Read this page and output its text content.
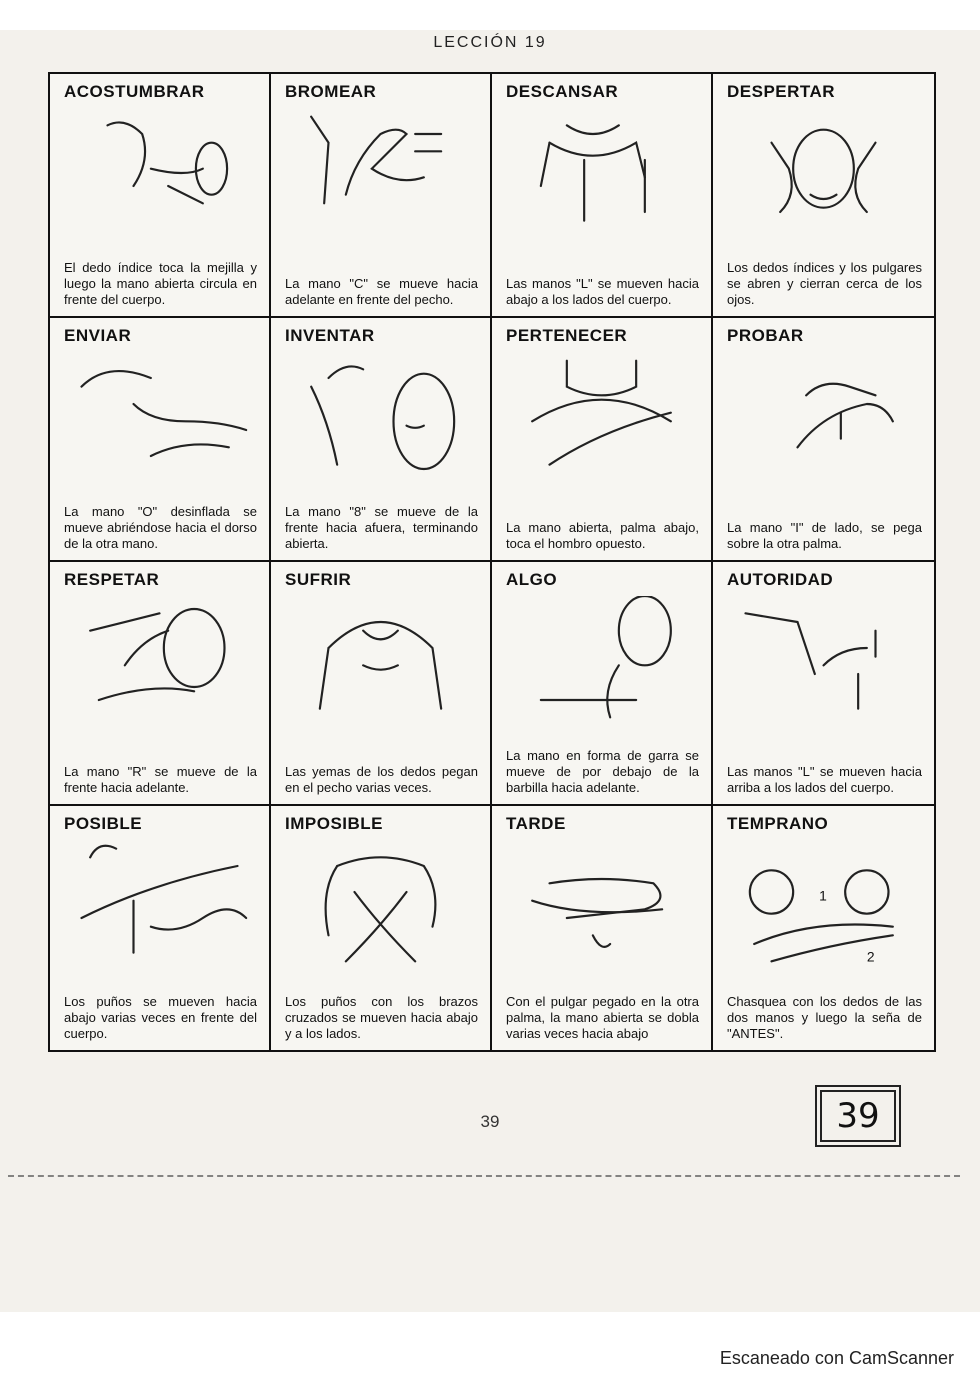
LECCIÓN 19
ACOSTUMBRAR
El dedo índice toca la mejilla y luego la mano abierta circula en frente del cuerpo.
BROMEAR
La mano "C" se mueve hacia adelante en frente del pecho.
DESCANSAR
Las manos "L" se mueven hacia abajo a los lados del cuerpo.
DESPERTAR
Los dedos índices y los pulgares se abren y cierran cerca de los ojos.
ENVIAR
La mano "O" desinflada se mueve abriéndose hacia el dorso de la otra mano.
INVENTAR
La mano "8" se mueve de la frente hacia afuera, terminando abierta.
PERTENECER
La mano abierta, palma abajo, toca el hombro opuesto.
PROBAR
La mano "I" de lado, se pega sobre la otra palma.
RESPETAR
La mano "R" se mueve de la frente hacia adelante.
SUFRIR
Las yemas de los dedos pegan en el pecho varias veces.
ALGO
La mano en forma de garra se mueve de por debajo de la barbilla hacia adelante.
AUTORIDAD
Las manos "L" se mueven hacia arriba a los lados del cuerpo.
POSIBLE
Los puños se mueven hacia abajo varias veces en frente del cuerpo.
IMPOSIBLE
Los puños con los brazos cruzados se mueven hacia abajo y a los lados.
TARDE
Con el pulgar pegado en la otra palma, la mano abierta se dobla varias veces hacia abajo
TEMPRANO
1
2
Chasquea con los dedos de las dos manos y luego la seña de "ANTES".
39	39
Escaneado con CamScanner
